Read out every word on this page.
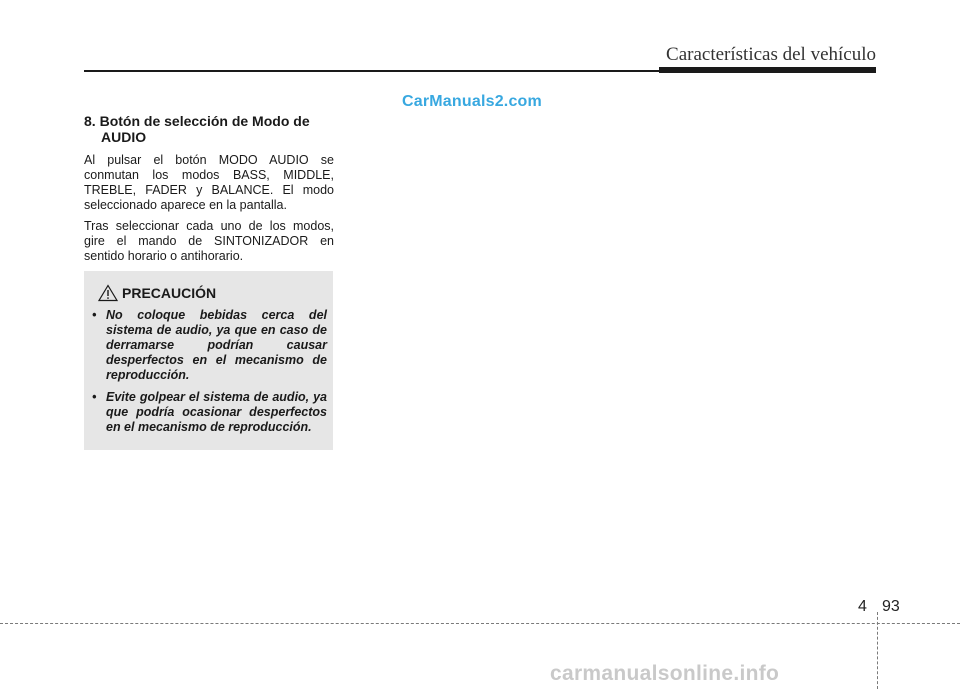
Características del vehículo
CarManuals2.com
8. Botón de selección de Modo de
AUDIO

Al pulsar el botón MODO AUDIO se conmutan los modos BASS, MIDDLE, TREBLE, FADER y BALANCE. El modo seleccionado aparece en la pantalla.

Tras seleccionar cada uno de los modos, gire el mando de SINTONIZADOR en sentido horario o antihorario.

PRECAUCIÓN
• No coloque bebidas cerca del sistema de audio, ya que en caso de derramarse podrían causar desperfectos en el mecanismo de reproducción.
• Evite golpear el sistema de audio, ya que podría ocasionar desperfectos en el mecanismo de reproducción.
4 93
carmanualsonline.info
